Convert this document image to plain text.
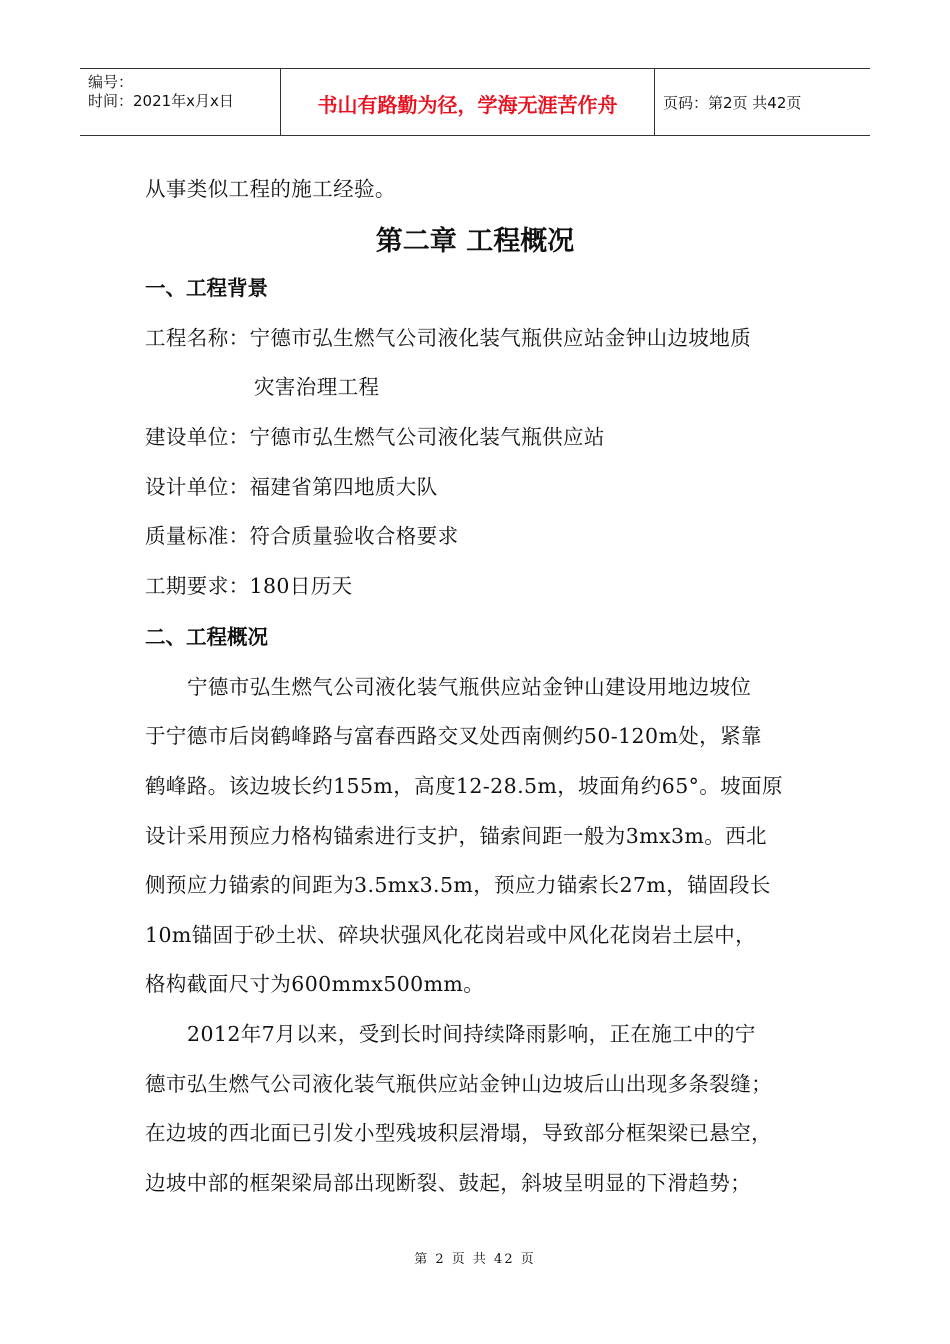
编号：
时间：2021年x月x日	书山有路勤为径，学海无涯苦作舟	页码：第2页 共42页
从事类似工程的施工经验。
第二章 工程概况
一、工程背景
工程名称：宁德市弘生燃气公司液化装气瓶供应站金钟山边坡地质
灾害治理工程
建设单位：宁德市弘生燃气公司液化装气瓶供应站
设计单位：福建省第四地质大队
质量标准：符合质量验收合格要求
工期要求：180日历天
二、工程概况
宁德市弘生燃气公司液化装气瓶供应站金钟山建设用地边坡位
于宁德市后岗鹤峰路与富春西路交叉处西南侧约50-120m处，紧靠
鹤峰路。该边坡长约155m，高度12-28.5m，坡面角约65°。坡面原
设计采用预应力格构锚索进行支护，锚索间距一般为3mx3m。西北
侧预应力锚索的间距为3.5mx3.5m，预应力锚索长27m，锚固段长
10m锚固于砂土状、碎块状强风化花岗岩或中风化花岗岩土层中，
格构截面尺寸为600mmx500mm。
2012年7月以来，受到长时间持续降雨影响，正在施工中的宁
德市弘生燃气公司液化装气瓶供应站金钟山边坡后山出现多条裂缝；
在边坡的西北面已引发小型残坡积层滑塌，导致部分框架梁已悬空，
边坡中部的框架梁局部出现断裂、鼓起，斜坡呈明显的下滑趋势；
第 2 页 共 42 页
